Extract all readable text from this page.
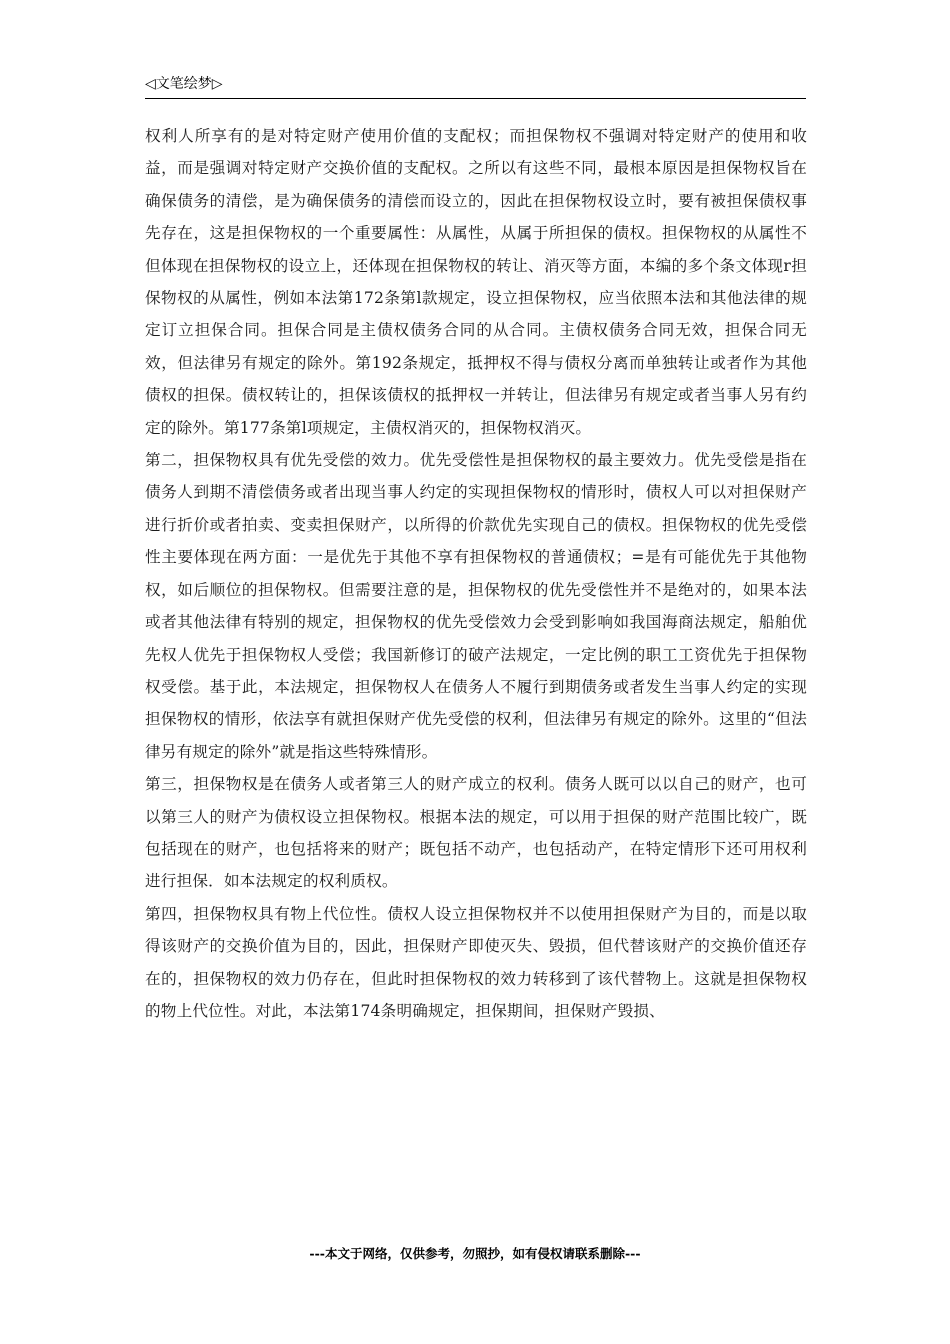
◁文笔绘梦▷

权利人所享有的是对特定财产使用价值的支配权；而担保物权不强调对特定财产的使用和收益，而是强调对特定财产交换价值的支配权。之所以有这些不同，最根本原因是担保物权旨在确保债务的清偿，是为确保债务的清偿而设立的，因此在担保物权设立时，要有被担保债权事先存在，这是担保物权的一个重要属性：从属性，从属于所担保的债权。担保物权的从属性不但体现在担保物权的设立上，还体现在担保物权的转让、消灭等方面，本编的多个条文体现r担保物权的从属性，例如本法第172条第l款规定，设立担保物权，应当依照本法和其他法律的规定订立担保合同。担保合同是主债权债务合同的从合同。主债权债务合同无效，担保合同无效，但法律另有规定的除外。第192条规定，抵押权不得与债权分离而单独转让或者作为其他债权的担保。债权转让的，担保该债权的抵押权一并转让，但法律另有规定或者当事人另有约定的除外。第177条第l项规定，主债权消灭的，担保物权消灭。

第二，担保物权具有优先受偿的效力。优先受偿性是担保物权的最主要效力。优先受偿是指在债务人到期不清偿债务或者出现当事人约定的实现担保物权的情形时，债权人可以对担保财产进行折价或者拍卖、变卖担保财产，以所得的价款优先实现自己的债权。担保物权的优先受偿性主要体现在两方面：一是优先于其他不享有担保物权的普通债权；=是有可能优先于其他物权，如后顺位的担保物权。但需要注意的是，担保物权的优先受偿性并不是绝对的，如果本法或者其他法律有特别的规定，担保物权的优先受偿效力会受到影响如我国海商法规定，船舶优先权人优先于担保物权人受偿；我国新修订的破产法规定，一定比例的职工工资优先于担保物权受偿。基于此，本法规定，担保物权人在债务人不履行到期债务或者发生当事人约定的实现担保物权的情形，依法享有就担保财产优先受偿的权利，但法律另有规定的除外。这里的“但法律另有规定的除外”就是指这些特殊情形。

第三，担保物权是在债务人或者第三人的财产成立的权利。债务人既可以以自己的财产，也可以第三人的财产为债权设立担保物权。根据本法的规定，可以用于担保的财产范围比较广，既包括现在的财产，也包括将来的财产；既包括不动产，也包括动产，在特定情形下还可用权利进行担保．如本法规定的权利质权。

第四，担保物权具有物上代位性。债权人设立担保物权并不以使用担保财产为目的，而是以取得该财产的交换价值为目的，因此，担保财产即使灭失、毁损，但代替该财产的交换价值还存在的，担保物权的效力仍存在，但此时担保物权的效力转移到了该代替物上。这就是担保物权的物上代位性。对此，本法第174条明确规定，担保期间，担保财产毁损、

---本文于网络，仅供参考，勿照抄，如有侵权请联系删除---
